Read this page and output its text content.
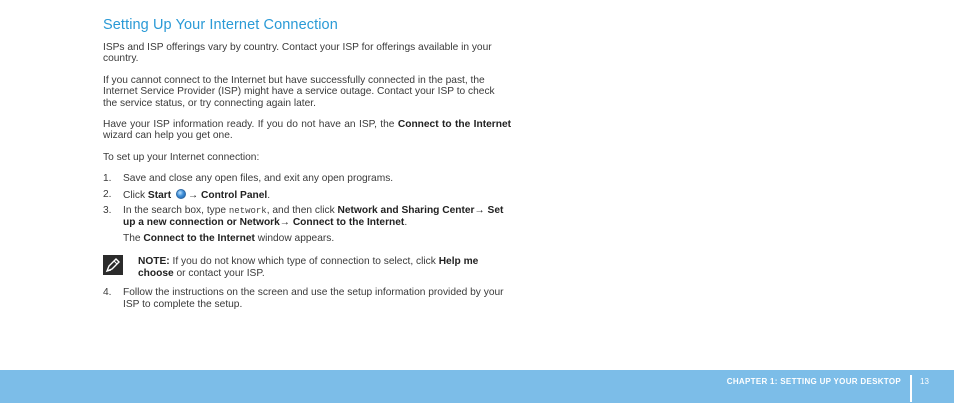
Setting Up Your Internet Connection

ISPs and ISP offerings vary by country. Contact your ISP for offerings available in your country.

If you cannot connect to the Internet but have successfully connected in the past, the Internet Service Provider (ISP) might have a service outage. Contact your ISP to check the service status, or try connecting again later.

Have your ISP information ready. If you do not have an ISP, the Connect to the Internet wizard can help you get one.

To set up your Internet connection:

1. Save and close any open files, and exit any open programs.
2. Click Start → Control Panel.
3. In the search box, type network, and then click Network and Sharing Center→ Set up a new connection or Network→ Connect to the Internet.
The Connect to the Internet window appears.
NOTE: If you do not know which type of connection to select, click Help me choose or contact your ISP.
4. Follow the instructions on the screen and use the setup information provided by your ISP to complete the setup.
CHAPTER 1: SETTING UP YOUR DESKTOP 13
